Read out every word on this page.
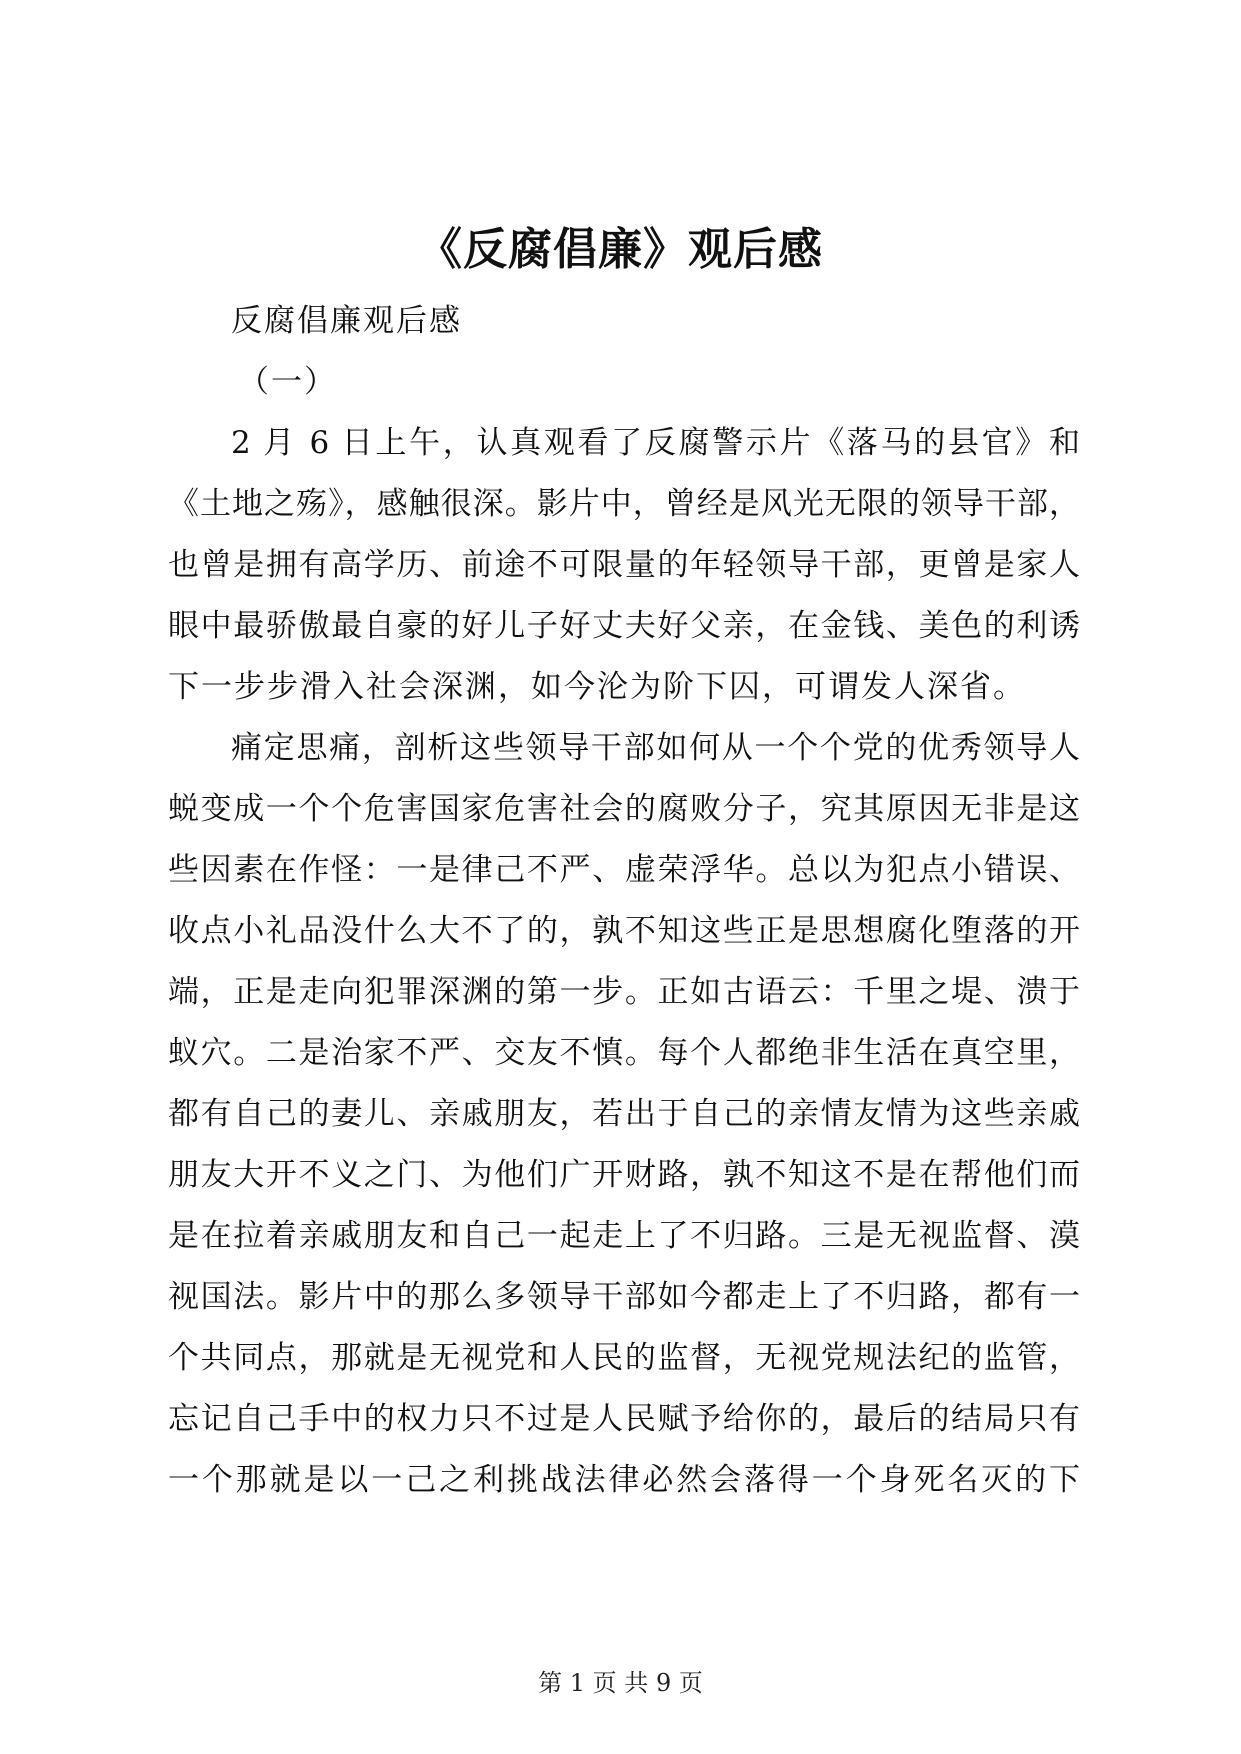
《反腐倡廉》观后感
反腐倡廉观后感
（一）
2 月 6 日上午，认真观看了反腐警示片《落马的县官》和
《土地之殇》，感触很深。影片中，曾经是风光无限的领导干部，
也曾是拥有高学历、前途不可限量的年轻领导干部，更曾是家人
眼中最骄傲最自豪的好儿子好丈夫好父亲，在金钱、美色的利诱
下一步步滑入社会深渊，如今沦为阶下囚，可谓发人深省。
痛定思痛，剖析这些领导干部如何从一个个党的优秀领导人
蜕变成一个个危害国家危害社会的腐败分子，究其原因无非是这
些因素在作怪：一是律己不严、虚荣浮华。总以为犯点小错误、
收点小礼品没什么大不了的，孰不知这些正是思想腐化堕落的开
端，正是走向犯罪深渊的第一步。正如古语云：千里之堤、溃于
蚁穴。二是治家不严、交友不慎。每个人都绝非生活在真空里，
都有自己的妻儿、亲戚朋友，若出于自己的亲情友情为这些亲戚
朋友大开不义之门、为他们广开财路，孰不知这不是在帮他们而
是在拉着亲戚朋友和自己一起走上了不归路。三是无视监督、漠
视国法。影片中的那么多领导干部如今都走上了不归路，都有一
个共同点，那就是无视党和人民的监督，无视党规法纪的监管，
忘记自己手中的权力只不过是人民赋予给你的，最后的结局只有
一个那就是以一己之利挑战法律必然会落得一个身死名灭的下
第 1 页 共 9 页
